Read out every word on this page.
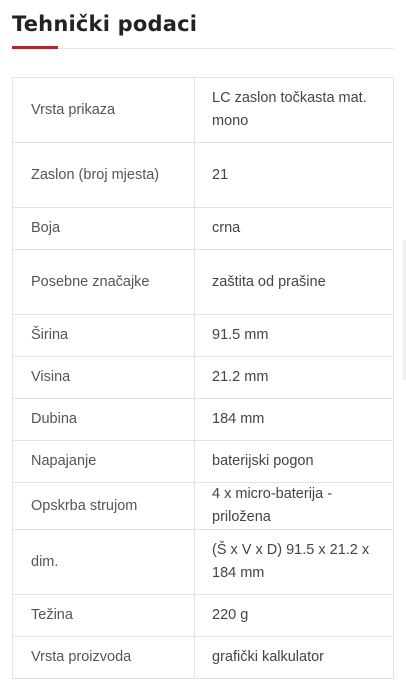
Tehnički podaci
Vrsta prikaza	LC zaslon točkasta mat. mono
Zaslon (broj mjesta)	21
Boja	crna
Posebne značajke	zaštita od prašine
Širina	91.5 mm
Visina	21.2 mm
Dubina	184 mm
Napajanje	baterijski pogon
Opskrba strujom	4 x micro-baterija - priložena
dim.	(Š x V x D) 91.5 x 21.2 x 184 mm
Težina	220 g
Vrsta proizvoda	grafički kalkulator
